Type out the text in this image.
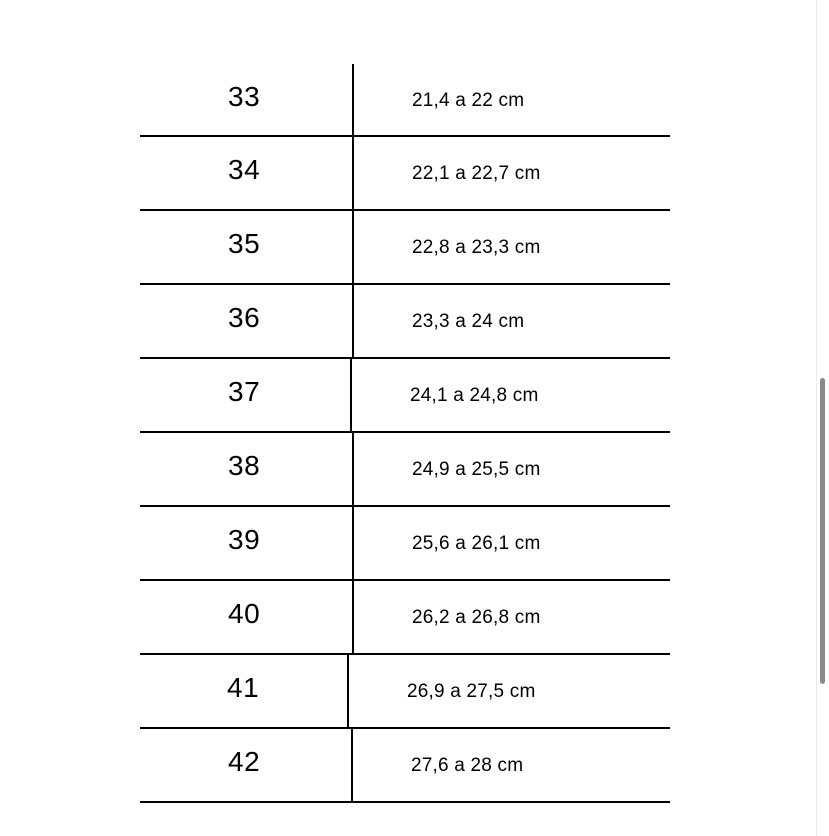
33	21,4 a 22 cm
34	22,1 a 22,7 cm
35	22,8 a 23,3 cm
36	23,3 a 24 cm
37	24,1 a 24,8 cm
38	24,9 a 25,5 cm
39	25,6 a 26,1 cm
40	26,2 a 26,8 cm
41	26,9 a 27,5 cm
42	27,6 a 28 cm
